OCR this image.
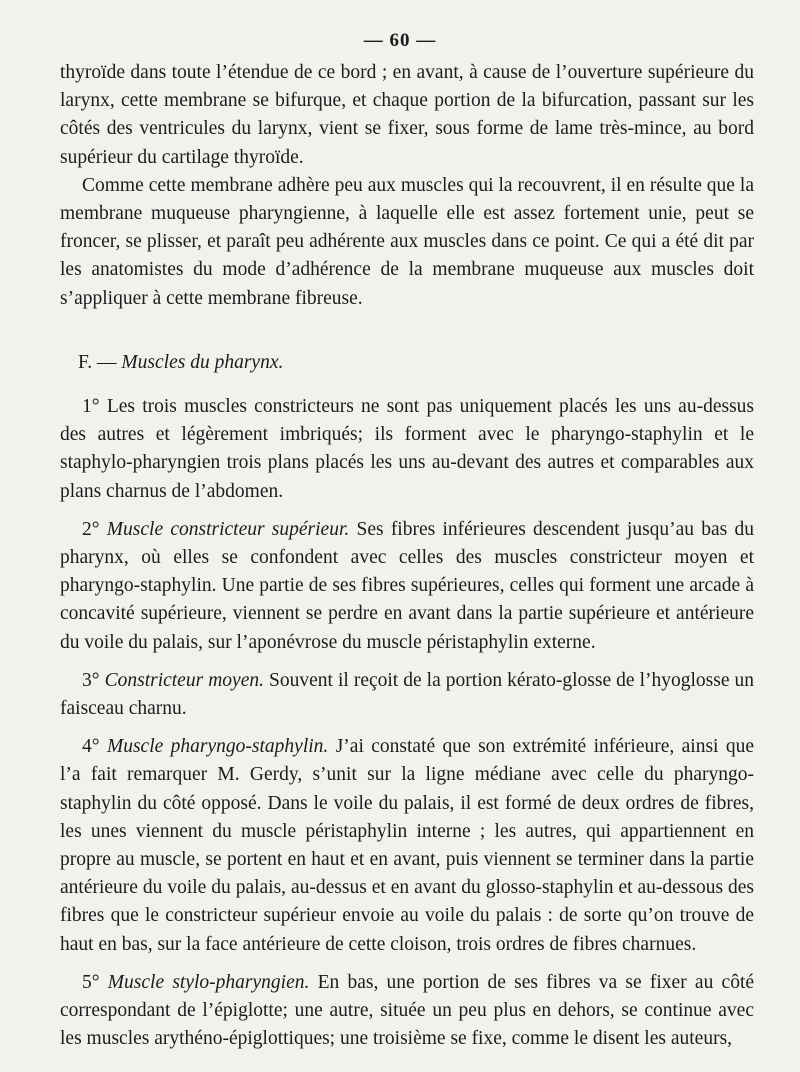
— 60 —

thyroïde dans toute l’étendue de ce bord ; en avant, à cause de l’ouverture supérieure du larynx, cette membrane se bifurque, et chaque portion de la bifurcation, passant sur les côtés des ventricules du larynx, vient se fixer, sous forme de lame très-mince, au bord supérieur du cartilage thyroïde.

Comme cette membrane adhère peu aux muscles qui la recouvrent, il en résulte que la membrane muqueuse pharyngienne, à laquelle elle est assez fortement unie, peut se froncer, se plisser, et paraît peu adhérente aux muscles dans ce point. Ce qui a été dit par les anatomistes du mode d’adhérence de la membrane muqueuse aux muscles doit s’appliquer à cette membrane fibreuse.

F. — Muscles du pharynx.

1° Les trois muscles constricteurs ne sont pas uniquement placés les uns au-dessus des autres et légèrement imbriqués; ils forment avec le pharyngo-staphylin et le staphylo-pharyngien trois plans placés les uns au-devant des autres et comparables aux plans charnus de l’abdomen.

2° Muscle constricteur supérieur. Ses fibres inférieures descendent jusqu’au bas du pharynx, où elles se confondent avec celles des muscles constricteur moyen et pharyngo-staphylin. Une partie de ses fibres supérieures, celles qui forment une arcade à concavité supérieure, viennent se perdre en avant dans la partie supérieure et antérieure du voile du palais, sur l’aponévrose du muscle péristaphylin externe.

3° Constricteur moyen. Souvent il reçoit de la portion kérato-glosse de l’hyoglosse un faisceau charnu.

4° Muscle pharyngo-staphylin. J’ai constaté que son extrémité inférieure, ainsi que l’a fait remarquer M. Gerdy, s’unit sur la ligne médiane avec celle du pharyngo-staphylin du côté opposé. Dans le voile du palais, il est formé de deux ordres de fibres, les unes viennent du muscle péristaphylin interne ; les autres, qui appartiennent en propre au muscle, se portent en haut et en avant, puis viennent se terminer dans la partie antérieure du voile du palais, au-dessus et en avant du glosso-staphylin et au-dessous des fibres que le constricteur supérieur envoie au voile du palais : de sorte qu’on trouve de haut en bas, sur la face antérieure de cette cloison, trois ordres de fibres charnues.

5° Muscle stylo-pharyngien. En bas, une portion de ses fibres va se fixer au côté correspondant de l’épiglotte; une autre, située un peu plus en dehors, se continue avec les muscles arythéno-épiglottiques; une troisième se fixe, comme le disent les auteurs,
